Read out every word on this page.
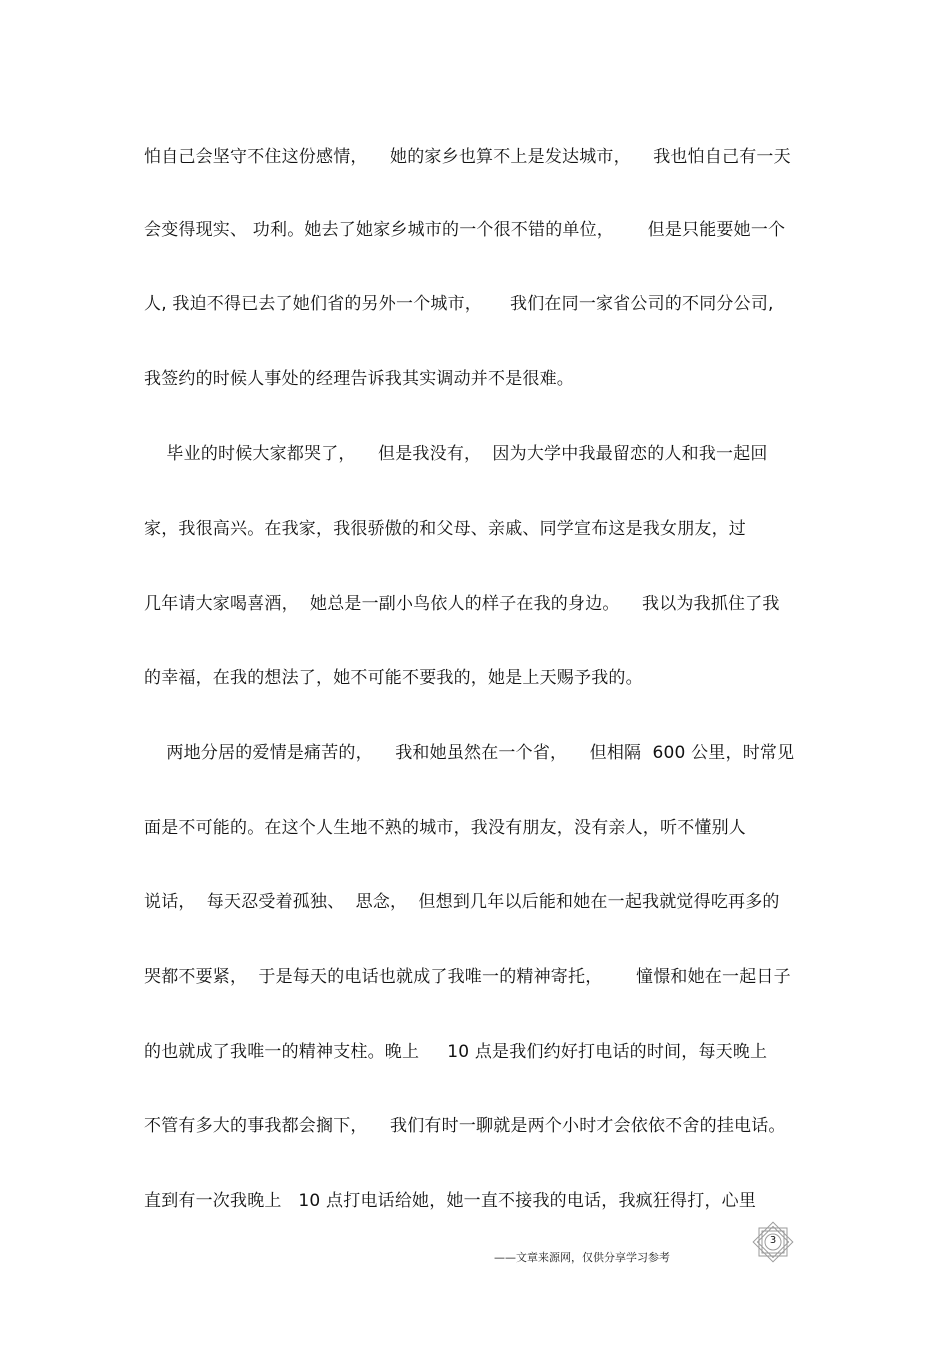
怕自己会坚守不住这份感情，    她的家乡也算不上是发达城市，    我也怕自己有一天
会变得现实、 功利。她去了她家乡城市的一个很不错的单位，      但是只能要她一个
人, 我迫不得已去了她们省的另外一个城市，     我们在同一家省公司的不同分公司,
我签约的时候人事处的经理告诉我其实调动并不是很难。
毕业的时候大家都哭了，    但是我没有，  因为大学中我最留恋的人和我一起回
家，我很高兴。在我家，我很骄傲的和父母、亲戚、同学宣布这是我女朋友，过
几年请大家喝喜酒，  她总是一副小鸟依人的样子在我的身边。    我以为我抓住了我
的幸福，在我的想法了，她不可能不要我的，她是上天赐予我的。
两地分居的爱情是痛苦的，    我和她虽然在一个省，    但相隔  600 公里，时常见
面是不可能的。在这个人生地不熟的城市，我没有朋友，没有亲人，听不懂别人
说话，  每天忍受着孤独、  思念，  但想到几年以后能和她在一起我就觉得吃再多的
哭都不要紧，  于是每天的电话也就成了我唯一的精神寄托，      憧憬和她在一起日子
的也就成了我唯一的精神支柱。晚上     10 点是我们约好打电话的时间，每天晚上
不管有多大的事我都会搁下，    我们有时一聊就是两个小时才会依依不舍的挂电话。
直到有一次我晚上   10 点打电话给她，她一直不接我的电话，我疯狂得打，心里
——文章来源网，仅供分享学习参考
3
